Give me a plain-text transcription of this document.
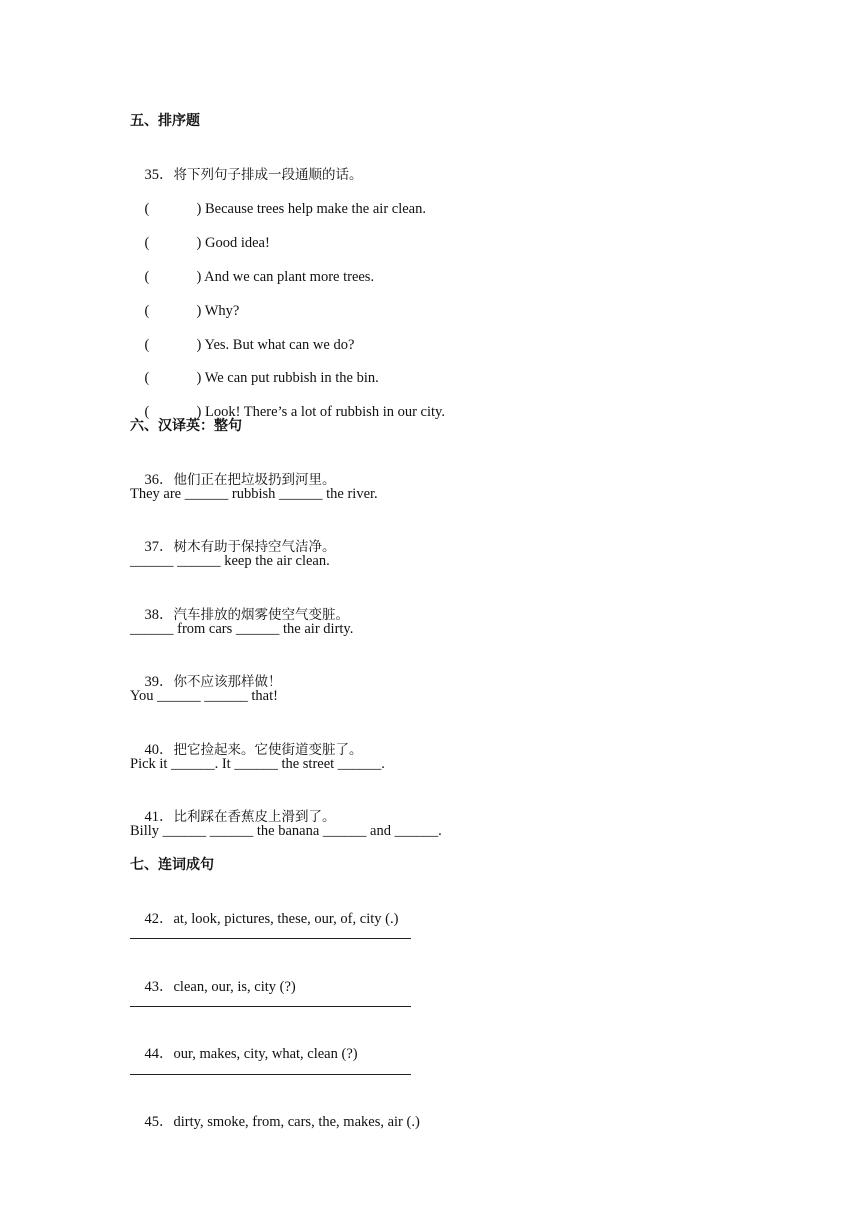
五、排序题

35．将下列句子排成一段通顺的话。

(	) Because trees help make the air clean.

(	) Good idea!

(	) And we can plant more trees.

(	) Why?

(	) Yes. But what can we do?

(	) We can put rubbish in the bin.

(	) Look! There’s a lot of rubbish in our city.

六、汉译英：整句

36．他们正在把垃圾扔到河里。

They are ______ rubbish ______ the river.

37．树木有助于保持空气洁净。

______ ______ keep the air clean.

38．汽车排放的烟雾使空气变脏。

______ from cars ______ the air dirty.

39．你不应该那样做！

You ______ ______ that!

40．把它捡起来。它使街道变脏了。

Pick it ______. It ______ the street ______.

41．比利踩在香蕉皮上滑到了。

Billy ______ ______ the banana ______ and ______.
七、连词成句

42．at, look, pictures, these, our, of, city (.)

43．clean, our, is, city (?)

44．our, makes, city, what, clean (?)

45．dirty, smoke, from, cars, the, makes, air (.)
